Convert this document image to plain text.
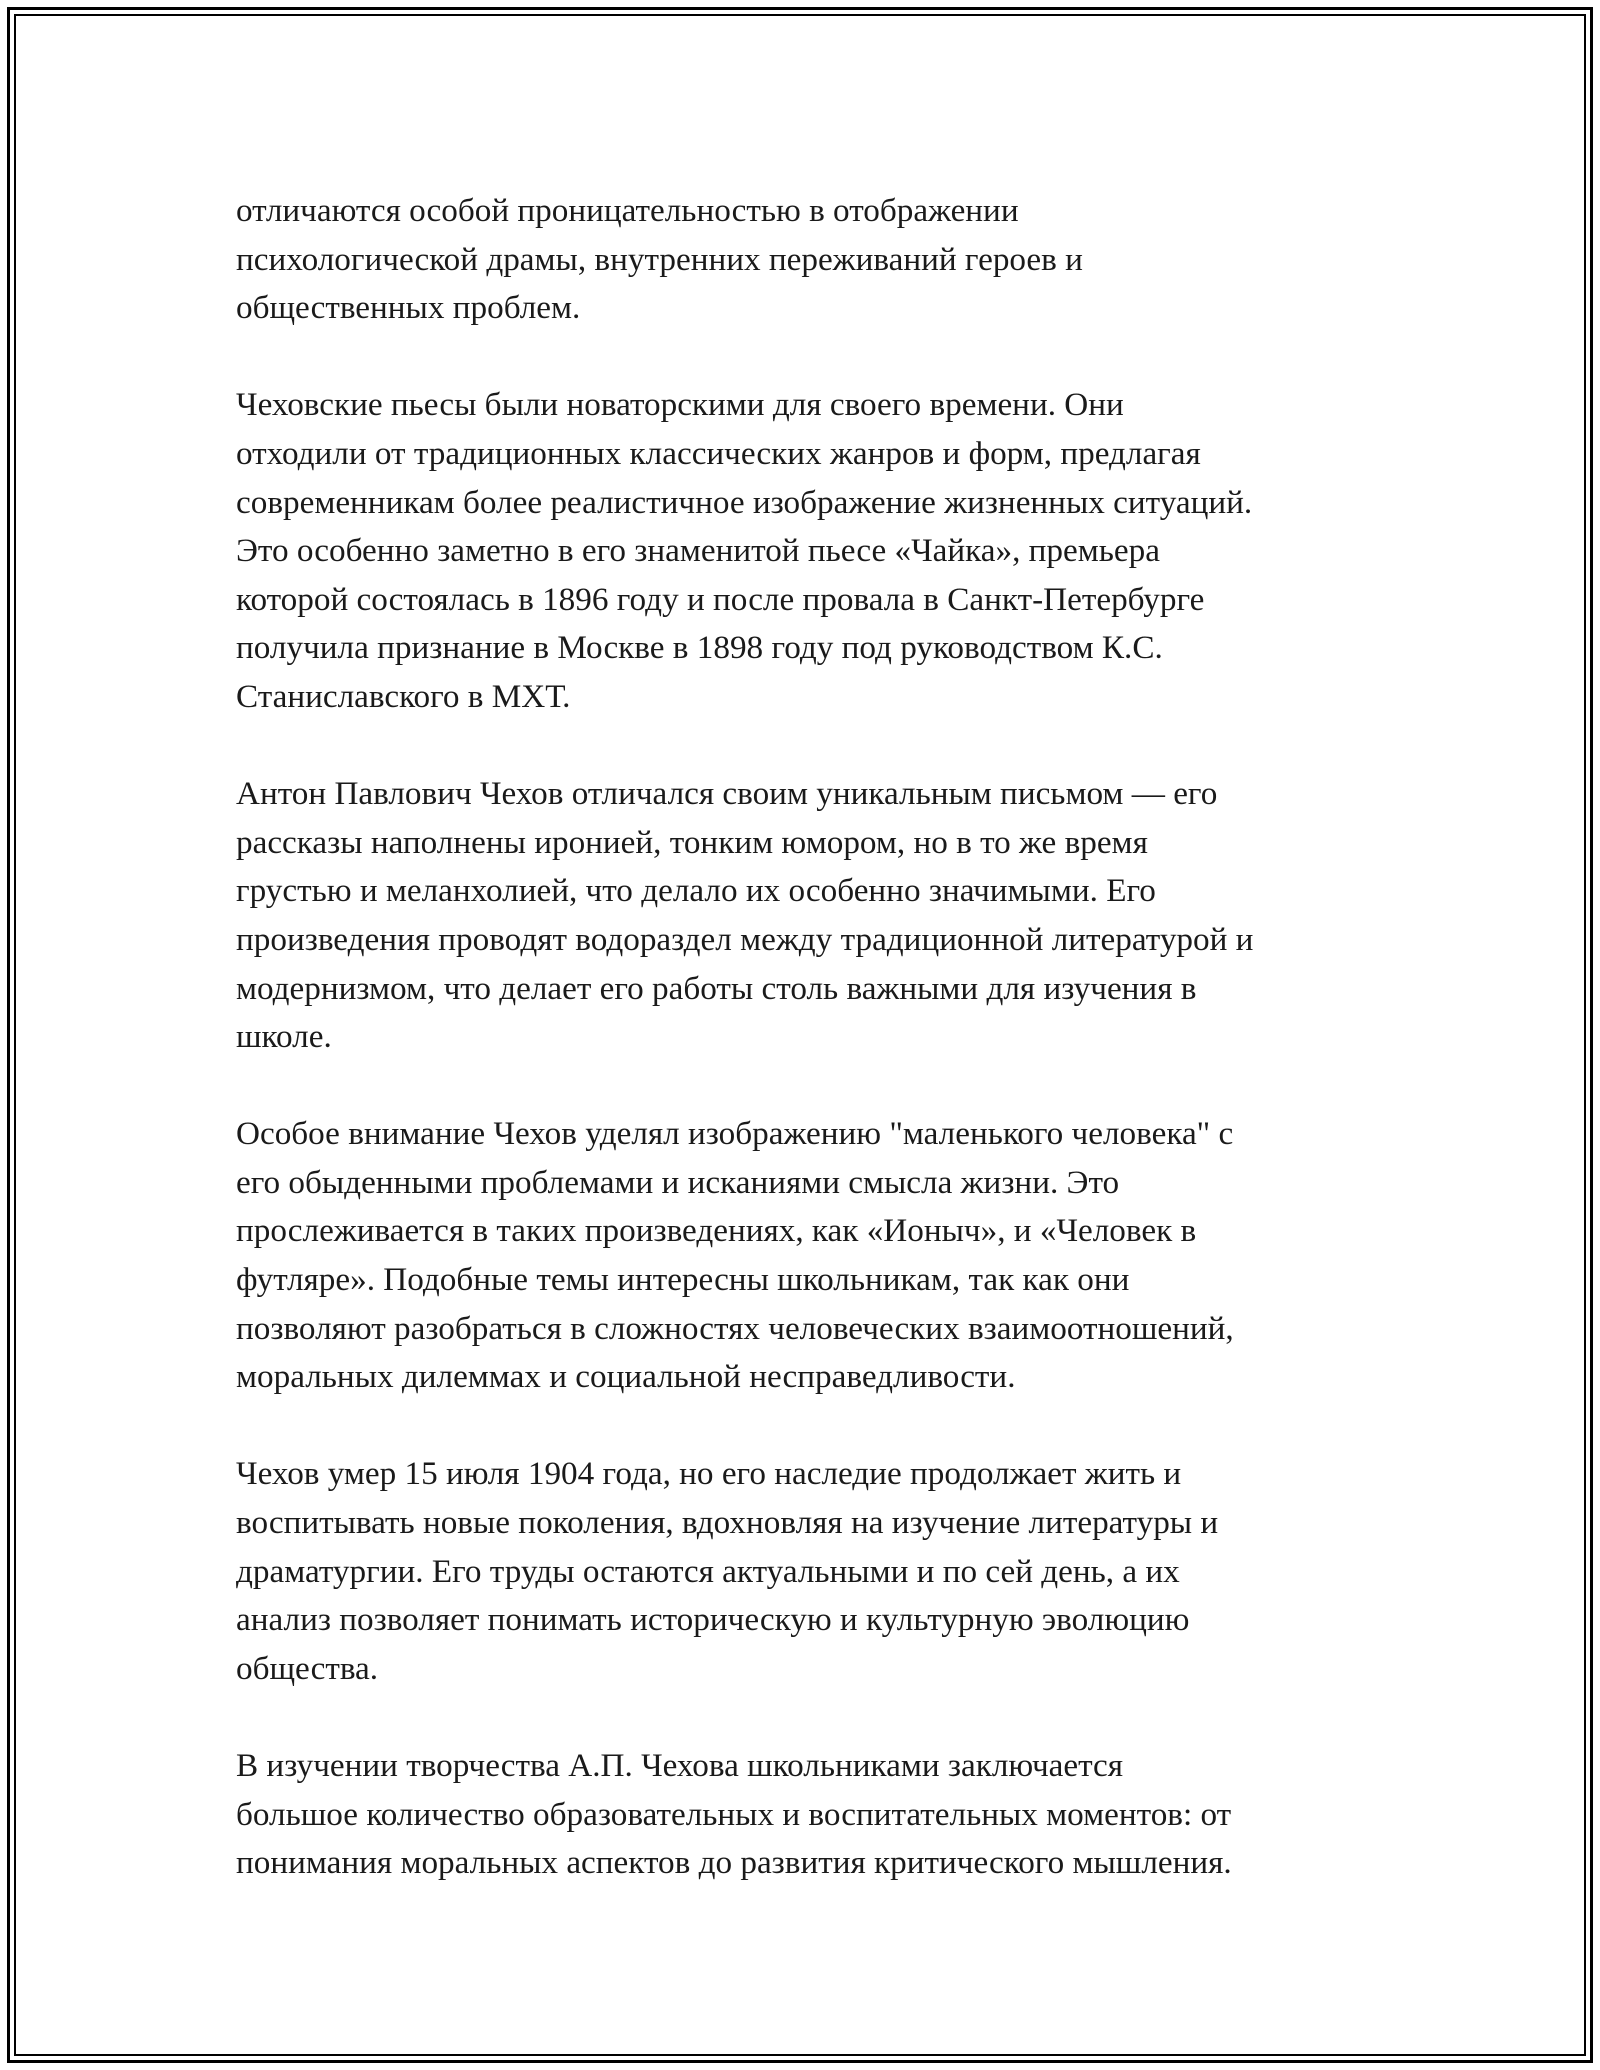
отличаются особой проницательностью в отображении
психологической драмы, внутренних переживаний героев и
общественных проблем.

Чеховские пьесы были новаторскими для своего времени. Они
отходили от традиционных классических жанров и форм, предлагая
современникам более реалистичное изображение жизненных ситуаций.
Это особенно заметно в его знаменитой пьесе «Чайка», премьера
которой состоялась в 1896 году и после провала в Санкт-Петербурге
получила признание в Москве в 1898 году под руководством К.С.
Станиславского в МХТ.

Антон Павлович Чехов отличался своим уникальным письмом — его
рассказы наполнены иронией, тонким юмором, но в то же время
грустью и меланхолией, что делало их особенно значимыми. Его
произведения проводят водораздел между традиционной литературой и
модернизмом, что делает его работы столь важными для изучения в
школе.

Особое внимание Чехов уделял изображению "маленького человека" с
его обыденными проблемами и исканиями смысла жизни. Это
прослеживается в таких произведениях, как «Ионыч», и «Человек в
футляре». Подобные темы интересны школьникам, так как они
позволяют разобраться в сложностях человеческих взаимоотношений,
моральных дилеммах и социальной несправедливости.

Чехов умер 15 июля 1904 года, но его наследие продолжает жить и
воспитывать новые поколения, вдохновляя на изучение литературы и
драматургии. Его труды остаются актуальными и по сей день, а их
анализ позволяет понимать историческую и культурную эволюцию
общества.

В изучении творчества А.П. Чехова школьниками заключается
большое количество образовательных и воспитательных моментов: от
понимания моральных аспектов до развития критического мышления.
